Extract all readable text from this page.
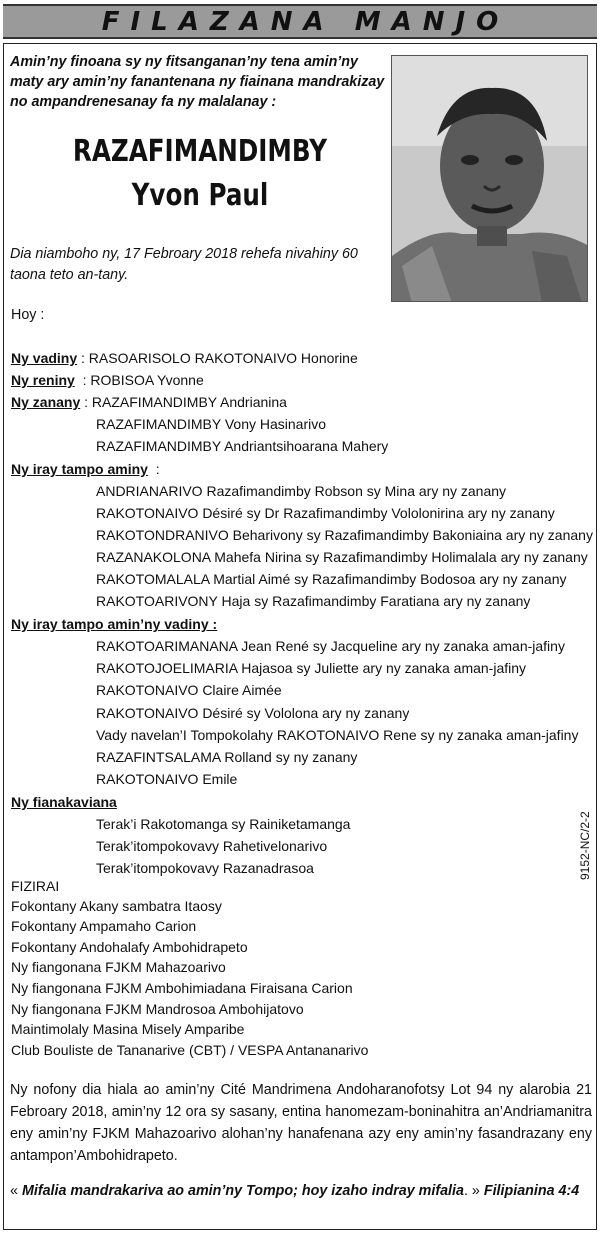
FILAZANA MANJO
Amin’ny finoana sy ny fitsanganan’ny tena amin’ny maty ary amin’ny fanantenana ny fiainana mandrakizay no ampandrenesanay fa ny malalanay :
RAZAFIMANDIMBY
Yvon Paul
Dia niamboho ny, 17 Febroary 2018 rehefa nivahiny 60 taona teto an-tany.
Hoy :
Ny vadiny : RASOARISOLO RAKOTONAIVO Honorine
Ny reniny : ROBISOA Yvonne
Ny zanany : RAZAFIMANDIMBY Andrianina
RAZAFIMANDIMBY Vony Hasinarivo
RAZAFIMANDIMBY Andriantsihoarana Mahery
Ny iray tampo aminy :
ANDRIANARIVO Razafimandimby Robson sy Mina ary ny zanany
RAKOTONAIVO Désiré sy Dr Razafimandimby Vololonirina ary ny zanany
RAKOTONDRANIVO Beharivony sy Razafimandimby Bakoniaina ary ny zanany
RAZANAKOLONA Mahefa Nirina sy Razafimandimby Holimalala ary ny zanany
RAKOTOMALALA Martial Aimé sy Razafimandimby Bodosoa ary ny zanany
RAKOTOARIVONY Haja sy Razafimandimby Faratiana ary ny zanany
Ny iray tampo amin’ny vadiny :
RAKOTOARIMANANA Jean René sy Jacqueline ary ny zanaka aman-jafiny
RAKOTOJOELIMARIA Hajasoa sy Juliette ary ny zanaka aman-jafiny
RAKOTONAIVO Claire Aimée
RAKOTONAIVO Désiré sy Vololona ary ny zanany
Vady navelan’I Tompokolahy RAKOTONAIVO Rene sy ny zanaka aman-jafiny
RAZAFINTSALAMA Rolland sy ny zanany
RAKOTONAIVO Emile
Ny fianakaviana
Terak’i Rakotomanga sy Rainiketamanga
Terak’itompokovavy Rahetivelonarivo
Terak’itompokovavy Razanadrasoa
FIZIRAI
Fokontany Akany sambatra Itaosy
Fokontany Ampamaho Carion
Fokontany Andohalafy Ambohidrapeto
Ny fiangonana FJKM Mahazoarivo
Ny fiangonana FJKM Ambohimiadana Firaisana Carion
Ny fiangonana FJKM Mandrosoa Ambohijatovo
Maintimolaly Masina Misely Amparibe
Club Bouliste de Tananarive (CBT) / VESPA Antananarivo
9152-NC/2-2
Ny nofony dia hiala ao amin’ny Cité Mandrimena Andoharanofotsy Lot 94 ny alarobia 21 Febroary 2018, amin’ny 12 ora sy sasany, entina hanomezam-boninahitra an’Andriamanitra eny amin’ny FJKM Mahazoarivo alohan’ny hanafenana azy eny amin’ny fasandrazany eny antampon’Ambohidrapeto.
« Mifalia mandrakariva ao amin’ny Tompo; hoy izaho indray mifalia. » Filipianina 4:4
